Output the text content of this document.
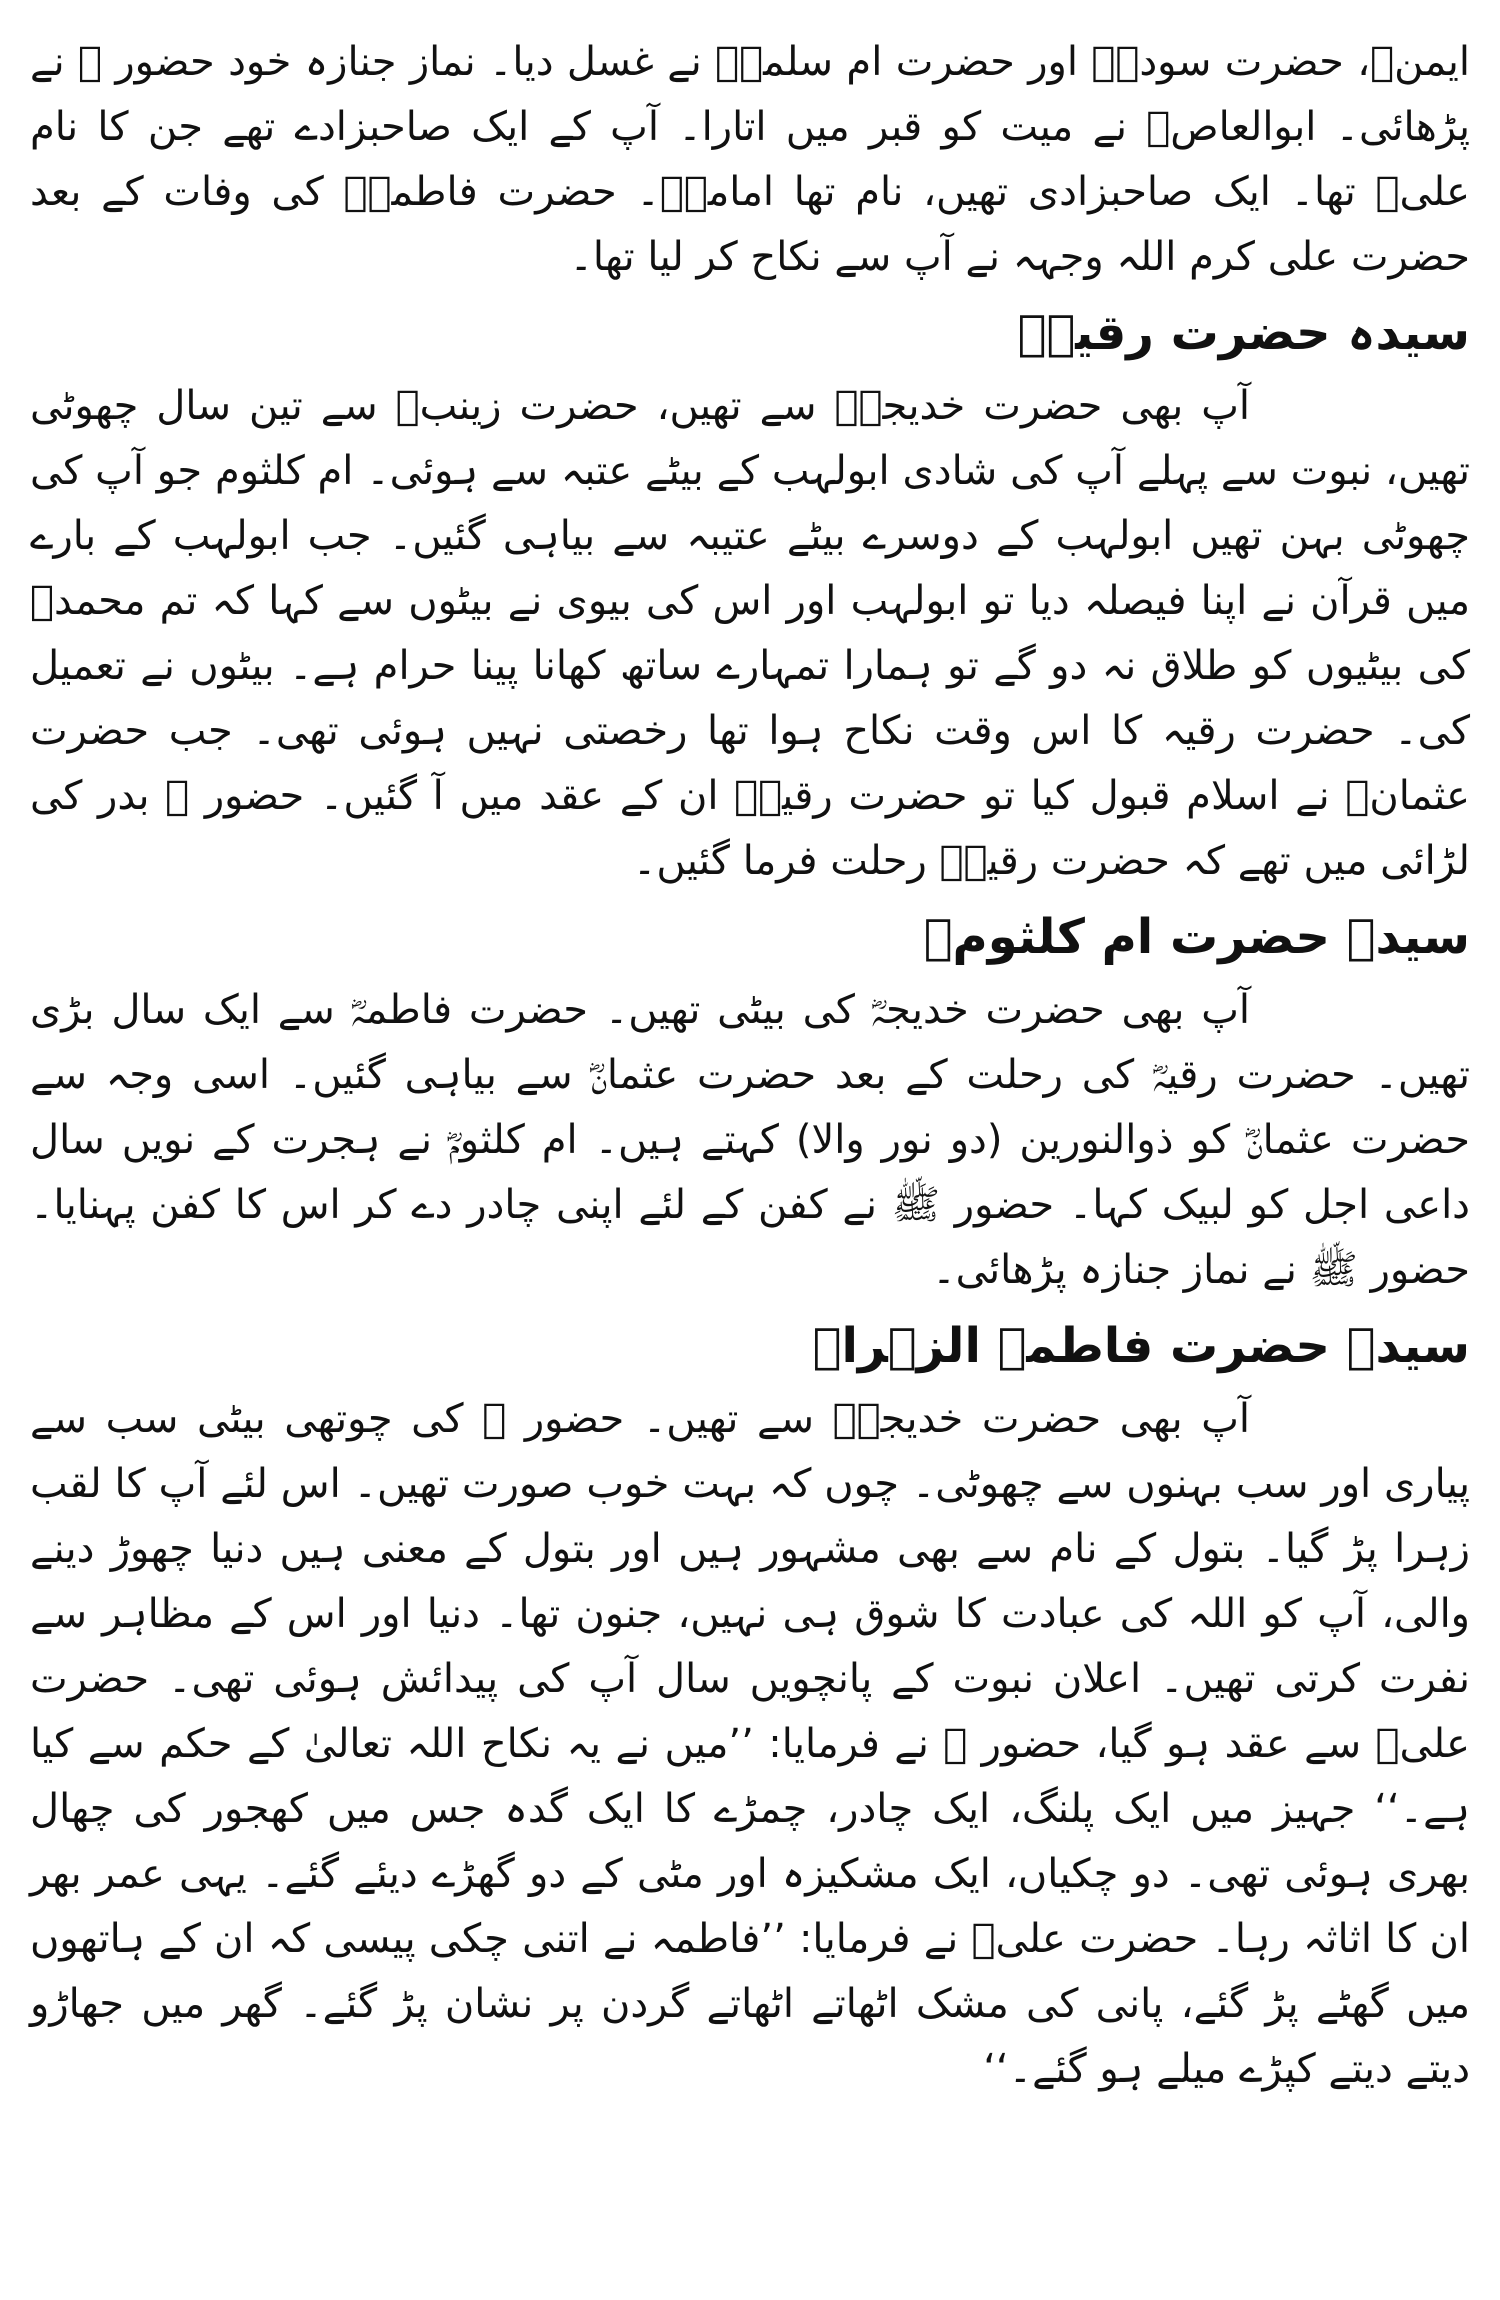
ایمنؓ، حضرت سودہؓ اور حضرت ام سلمہؓ نے غسل دیا۔ نماز جنازہ خود حضور ﷺ نے پڑھائی۔ ابوالعاصؓ نے میت کو قبر میں اتارا۔ آپ کے ایک صاحبزادے تھے جن کا نام علیؓ تھا۔ ایک صاحبزادی تھیں، نام تھا امامہؓ۔ حضرت فاطمہؓ کی وفات کے بعد حضرت علی کرم اللہ وجہہ نے آپ سے نکاح کر لیا تھا۔

سیدہ حضرت رقیہؓ

آپ بھی حضرت خدیجہؓ سے تھیں، حضرت زینبؓ سے تین سال چھوٹی تھیں، نبوت سے پہلے آپ کی شادی ابولہب کے بیٹے عتبہ سے ہوئی۔ ام کلثوم جو آپ کی چھوٹی بہن تھیں ابولہب کے دوسرے بیٹے عتیبہ سے بیاہی گئیں۔ جب ابولہب کے بارے میں قرآن نے اپنا فیصلہ دیا تو ابولہب اور اس کی بیوی نے بیٹوں سے کہا کہ تم محمدؐ کی بیٹیوں کو طلاق نہ دو گے تو ہمارا تمہارے ساتھ کھانا پینا حرام ہے۔ بیٹوں نے تعمیل کی۔ حضرت رقیہ کا اس وقت نکاح ہوا تھا رخصتی نہیں ہوئی تھی۔ جب حضرت عثمانؓ نے اسلام قبول کیا تو حضرت رقیہؓ ان کے عقد میں آ گئیں۔ حضور ﷺ بدر کی لڑائی میں تھے کہ حضرت رقیہؓ رحلت فرما گئیں۔

سیدہ حضرت ام کلثومؓ

آپ بھی حضرت خدیجہؓ کی بیٹی تھیں۔ حضرت فاطمہؓ سے ایک سال بڑی تھیں۔ حضرت رقیہؓ کی رحلت کے بعد حضرت عثمانؓ سے بیاہی گئیں۔ اسی وجہ سے حضرت عثمانؓ کو ذوالنورین (دو نور والا) کہتے ہیں۔ ام کلثومؓ نے ہجرت کے نویں سال داعی اجل کو لبیک کہا۔ حضور ﷺ نے کفن کے لئے اپنی چادر دے کر اس کا کفن پہنایا۔ حضور ﷺ نے نماز جنازہ پڑھائی۔

سیدہ حضرت فاطمہ الزہراؓ

آپ بھی حضرت خدیجہؓ سے تھیں۔ حضور ﷺ کی چوتھی بیٹی سب سے پیاری اور سب بہنوں سے چھوٹی۔ چوں کہ بہت خوب صورت تھیں۔ اس لئے آپ کا لقب زہرا پڑ گیا۔ بتول کے نام سے بھی مشہور ہیں اور بتول کے معنی ہیں دنیا چھوڑ دینے والی، آپ کو اللہ کی عبادت کا شوق ہی نہیں، جنون تھا۔ دنیا اور اس کے مظاہر سے نفرت کرتی تھیں۔ اعلان نبوت کے پانچویں سال آپ کی پیدائش ہوئی تھی۔ حضرت علیؓ سے عقد ہو گیا، حضور ﷺ نے فرمایا: ’’میں نے یہ نکاح اللہ تعالیٰ کے حکم سے کیا ہے۔‘‘ جہیز میں ایک پلنگ، ایک چادر، چمڑے کا ایک گدہ جس میں کھجور کی چھال بھری ہوئی تھی۔ دو چکیاں، ایک مشکیزہ اور مٹی کے دو گھڑے دیئے گئے۔ یہی عمر بھر ان کا اثاثہ رہا۔ حضرت علیؓ نے فرمایا: ’’فاطمہ نے اتنی چکی پیسی کہ ان کے ہاتھوں میں گھٹے پڑ گئے، پانی کی مشک اٹھاتے اٹھاتے گردن پر نشان پڑ گئے۔ گھر میں جھاڑو دیتے دیتے کپڑے میلے ہو گئے۔‘‘
